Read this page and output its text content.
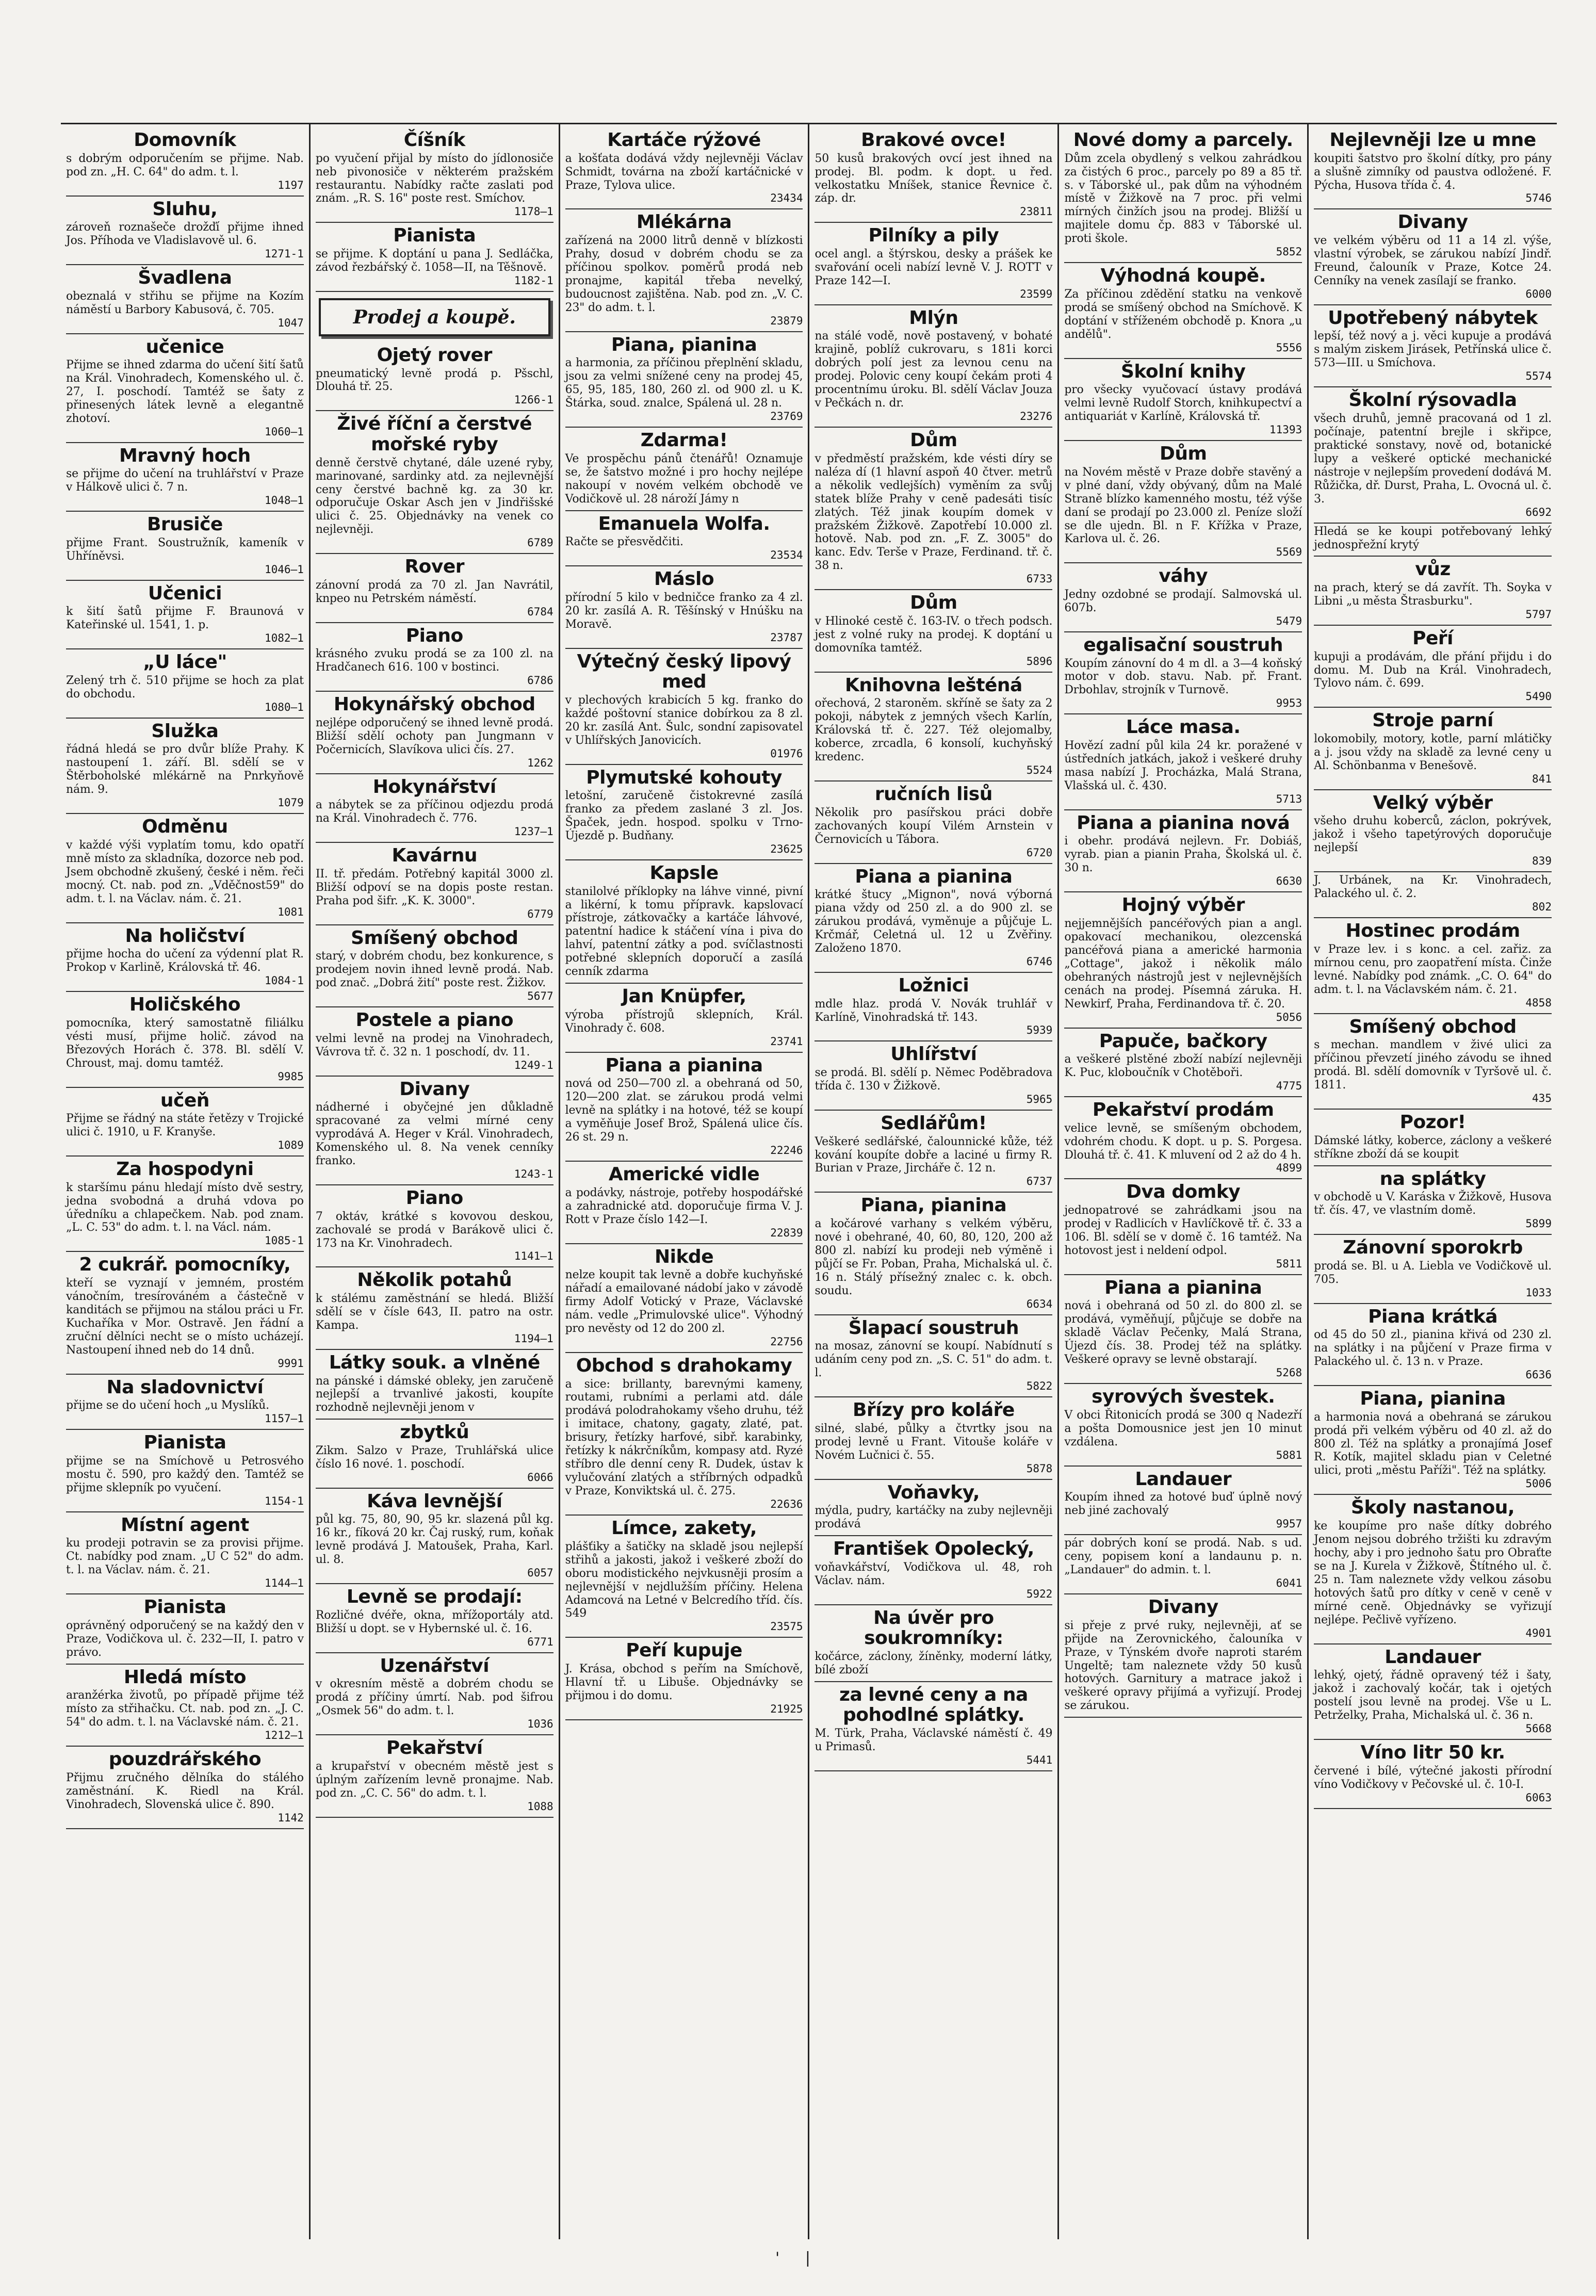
Domovník
s dobrým odporučením se přijme. Nab. pod zn. „H. C. 64" do adm. t. l.
1197
Sluhu,
zároveň roznašeče drožďí přijme ihned Jos. Příhoda ve Vladislavově ul. 6.
1271-1
Švadlena
obeznalá v střihu se přijme na Kozím náměstí u Barbory Kabusová, č. 705.
1047
učenice
Přijme se ihned zdarma do učení šití šatů na Král. Vinohradech, Komenského ul. č. 27, I. poschodí. Tamtéž se šaty z přinesených látek levně a elegantně zhotoví.
1060—1
Mravný hoch
se přijme do učení na truhlářství v Praze v Hálkově ulici č. 7 n.
1048—1
Brusiče
přijme Frant. Soustružník, kameník v Uhříněvsi.
1046—1
Učenici
k šití šatů přijme F. Braunová v Kateřinské ul. 1541, 1. p.
1082—1
„U láce"
Zelený trh č. 510 přijme se hoch za plat do obchodu.
1080—1
Služka
řádná hledá se pro dvůr blíže Prahy. K nastoupení 1. září. Bl. sdělí se v Štěrboholské mlékárně na Pnrkyňově nám. 9.
1079
Odměnu
v každé výši vyplatím tomu, kdo opatří mně místo za skladníka, dozorce neb pod. Jsem obchodně zkušený, české i něm. řeči mocný. Ct. nab. pod zn. „Vděčnost59" do adm. t. l. na Václav. nám. č. 21.
1081
Na holičství
přijme hocha do učení za výdenní plat R. Prokop v Karlině, Královská tř. 46.
1084-1
Holičského
pomocníka, který samostatně filiálku vésti musí, přijme holič. závod na Březových Horách č. 378. Bl. sdělí V. Chroust, maj. domu tamtéž.
9985
učeň
Přijme se řádný na státe řetězy v Trojické ulici č. 1910, u F. Kranyše.
1089
Za hospodyni
k staršímu pánu hledají místo dvě sestry, jedna svobodná a druhá vdova po úředníku a chlapečkem. Nab. pod znam. „L. C. 53" do adm. t. l. na Václ. nám.
1085-1
2 cukrář. pomocníky,
kteří se vyznají v jemném, prostém vánočním, tresírováném a částečně v kanditách se přijmou na stálou práci u Fr. Kuchaříka v Mor. Ostravě. Jen řádní a zruční dělníci necht se o místo ucházejí. Nastoupení ihned neb do 14 dnů.
9991
Na sladovnictví
přijme se do učení hoch „u Myslíků.
1157—1
Pianista
přijme se na Smíchově u Petrosvého mostu č. 590, pro každý den. Tamtéž se přijme sklepník po vyučení.
1154-1
Místní agent
ku prodeji potravin se za provisi přijme. Ct. nabídky pod znam. „U C 52" do adm. t. l. na Václav. nám. č. 21.
1144—1
Pianista
oprávněný odporučený se na každý den v Praze, Vodičkova ul. č. 232—II, I. patro v právo.
Hledá místo
aranžérka životů, po případě přijme též místo za střihačku. Ct. nab. pod zn. „J. C. 54" do adm. t. l. na Václavské nám. č. 21.
1212—1
pouzdrářského
Přijmu zručného dělníka do stálého zaměstnání. K. Riedl na Král. Vinohradech, Slovenská ulice č. 890.
1142
Číšník
po vyučení přijal by místo do jídlonosiče neb pivonosiče v některém pražském restaurantu. Nabídky račte zaslati pod znám. „R. S. 16" poste rest. Smíchov.
1178—1
Pianista
se přijme. K doptání u pana J. Sedláčka, závod řezbářský č. 1058—II, na Těšnově.
1182-1
Prodej a koupě.
Ojetý rover
pneumatický levně prodá p. Pšschl, Dlouhá tř. 25.
1266-1
Živé říční a čerstvé mořské ryby
denně čerstvě chytané, dále uzené ryby, marinované, sardinky atd. za nejlevnější ceny čerstvé bachně kg. za 30 kr. odporučuje Oskar Asch jen v Jindřišské ulici č. 25. Objednávky na venek co nejlevněji.
6789
Rover
zánovní prodá za 70 zl. Jan Navrátil, knpeo nu Petrském náměstí.
6784
Piano
krásného zvuku prodá se za 100 zl. na Hradčanech 616. 100 v bostinci.
6786
Hokynářský obchod
nejlépe odporučený se ihned levně prodá. Bližší sdělí ochoty pan Jungmann v Počernicích, Slavíkova ulici čís. 27.
1262
Hokynářství
a nábytek se za příčinou odjezdu prodá na Král. Vinohradech č. 776.
1237—1
Kavárnu
II. tř. předám. Potřebný kapitál 3000 zl. Bližší odpoví se na dopis poste restan. Praha pod šifr. „K. K. 3000".
6779
Smíšený obchod
starý, v dobrém chodu, bez konkurence, s prodejem novin ihned levně prodá. Nab. pod znač. „Dobrá žití" poste rest. Žižkov.
5677
Postele a piano
velmi levně na prodej na Vinohradech, Vávrova tř. č. 32 n. 1 poschodí, dv. 11.
1249-1
Divany
nádherné i obyčejné jen důkladně spracované za velmi mírné ceny vyprodává A. Heger v Král. Vinohradech, Komenského ul. 8. Na venek cenníky franko.
1243-1
Piano
7 oktáv, krátké s kovovou deskou, zachovalé se prodá v Barákově ulici č. 173 na Kr. Vinohradech.
1141—1
Několik potahů
k stálému zaměstnání se hledá. Bližší sdělí se v čísle 643, II. patro na ostr. Kampa.
1194—1
Látky souk. a vlněné
na pánské i dámské obleky, jen zaručeně nejlepší a trvanlivé jakosti, koupíte rozhodně nejlevněji jenom v
zbytků
Zikm. Salzo v Praze, Truhlářská ulice číslo 16 nové. 1. poschodí.
6066
Káva levnější
půl kg. 75, 80, 90, 95 kr. slazená půl kg. 16 kr., fíková 20 kr. Čaj ruský, rum, koňak levně prodává J. Matoušek, Praha, Karl. ul. 8.
6057
Levně se prodají:
Rozličné dvéře, okna, mřížoportály atd. Bližší u dopt. se v Hybernské ul. č. 16.
6771
Uzenářství
v okresním městě a dobrém chodu se prodá z příčiny úmrtí. Nab. pod šifrou „Osmek 56" do adm. t. l.
1036
Pekařství
a krupařství v obecném městě jest s úplným zařízením levně pronajme. Nab. pod zn. „C. C. 56" do adm. t. l.
1088
Kartáče rýžové
a košťata dodává vždy nejlevněji Václav Schmidt, továrna na zboží kartáčnické v Praze, Tylova ulice.
23434
Mlékárna
zařízená na 2000 litrů denně v blízkosti Prahy, dosud v dobrém chodu se za příčinou spolkov. poměrů prodá neb pronajme, kapitál třeba nevelký, budoucnost zajištěna. Nab. pod zn. „V. C. 23" do adm. t. l.
23879
Piana, pianina
a harmonia, za příčinou přeplnění skladu, jsou za velmi snížené ceny na prodej 45, 65, 95, 185, 180, 260 zl. od 900 zl. u K. Štárka, soud. znalce, Spálená ul. 28 n.
23769
Zdarma!
Ve prospěchu pánů čtenářů! Oznamuje se, že šatstvo možné i pro hochy nejlépe nakoupí v novém velkém obchodě ve Vodičkově ul. 28 nároží Jámy n
Emanuela Wolfa.
Račte se přesvědčiti.
23534
Máslo
přírodní 5 kilo v bedničce franko za 4 zl. 20 kr. zasílá A. R. Těšínský v Hnúšku na Moravě.
23787
Výtečný český lipový med
v plechových krabicích 5 kg. franko do každé poštovní stanice dobírkou za 8 zl. 20 kr. zasílá Ant. Šulc, sondní zapisovatel v Uhlířských Janovicích.
01976
Plymutské kohouty
letošní, zaručeně čistokrevné zasílá franko za předem zaslané 3 zl. Jos. Špaček, jedn. hospod. spolku v Trno-Újezdě p. Budňany.
23625
Kapsle
stanilolvé příklopky na láhve vinné, pivní a likérní, k tomu přípravk. kapslovací přístroje, zátkovačky a kartáče láhvové, patentní hadice k stáčení vína i piva do lahví, patentní zátky a pod. svíčlastnosti potřebné sklepních doporučí a zasílá cenník zdarma
Jan Knüpfer,
výroba přístrojů sklepních, Král. Vinohrady č. 608.
23741
Piana a pianina
nová od 250—700 zl. a obehraná od 50, 120—200 zlat. se zárukou prodá velmi levně na splátky i na hotové, též se koupí a vyměňuje Josef Brož, Spálená ulice čís. 26 st. 29 n.
22246
Americké vidle
a podávky, nástroje, potřeby hospodářské a zahradnické atd. doporučuje firma V. J. Rott v Praze číslo 142—I.
22839
Nikde
nelze koupit tak levně a dobře kuchyňské nářadí a emailované nádobí jako v závodě firmy Adolf Votický v Praze, Václavské nám. vedle „Primulovské ulice". Výhodný pro nevěsty od 12 do 200 zl.
22756
Obchod s drahokamy
a sice: brillanty, barevnými kameny, routami, rubními a perlami atd. dále prodává polodrahokamy všeho druhu, též i imitace, chatony, gagaty, zlaté, pat. brisury, řetízky harfové, sibř. karabinky, řetízky k nákrčníkům, kompasy atd. Ryzé stříbro dle denní ceny R. Dudek, ústav k vylučování zlatých a stříbrných odpadků v Praze, Konviktská ul. č. 275.
22636
Límce, zakety,
plášťiky a šatičky na skladě jsou nejlepší střihů a jakosti, jakož i veškeré zboží do oboru modistického nejvkusněji prosím a nejlevnější v nejdlužším příčiny. Helena Adamcová na Letné v Belcredího tříd. čís. 549
23575
Peří kupuje
J. Krása, obchod s peřím na Smíchově, Hlavní tř. u Libuše. Objednávky se přijmou i do domu.
21925
Brakové ovce!
50 kusů brakových ovcí jest ihned na prodej. Bl. podm. k dopt. u řed. velkostatku Mníšek, stanice Řevnice č. záp. dr.
23811
Pilníky a pily
ocel angl. a štýrskou, desky a prášek ke svařování oceli nabízí levně V. J. ROTT v Praze 142—I.
23599
Mlýn
na stálé vodě, nově postavený, v bohaté krajině, poblíž cukrovaru, s 181i korci dobrých polí jest za levnou cenu na prodej. Polovic ceny koupí čekám proti 4 procentnímu úroku. Bl. sdělí Václav Jouza v Pečkách n. dr.
23276
Dům
v předměstí pražském, kde vésti díry se naléza dí (1 hlavní aspoň 40 čtver. metrů a několik vedlejších) vyměním za svůj statek blíže Prahy v ceně padesáti tisíc zlatých. Též jinak koupím domek v pražském Žižkově. Zapotřebí 10.000 zl. hotově. Nab. pod zn. „F. Z. 3005" do kanc. Edv. Terše v Praze, Ferdinand. tř. č. 38 n.
6733
Dům
v Hlinoké cestě č. 163-IV. o třech podsch. jest z volné ruky na prodej. K doptání u domovníka tamtéž.
5896
Knihovna lešténá
ořechová, 2 staroněm. skříně se šaty za 2 pokoji, nábytek z jemných všech Karlín, Královská tř. č. 227. Též olejomalby, koberce, zrcadla, 6 konsolí, kuchyňský kredenc.
5524
ručních lisů
Několik pro pasířskou práci dobře zachovaných koupí Vilém Arnstein v Černovicích u Tábora.
6720
Piana a pianina
krátké štucy „Mignon", nová výborná piana vždy od 250 zl. a do 900 zl. se zárukou prodává, vyměnuje a půjčuje L. Krčmář, Celetná ul. 12 u Zvěřiny. Založeno 1870.
6746
Ložnici
mdle hlaz. prodá V. Novák truhlář v Karlíně, Vinohradská tř. 143.
5939
Uhlířství
se prodá. Bl. sdělí p. Němec Poděbradova třída č. 130 v Žižkově.
5965
Sedlářům!
Veškeré sedlářské, čalounnické kůže, též kování koupíte dobře a laciné u firmy R. Burian v Praze, Jircháře č. 12 n.
6737
Piana, pianina
a kočárové varhany s velkém výběru, nové i obehrané, 40, 60, 80, 120, 200 až 800 zl. nabízí ku prodeji neb výměně i půjčí se Fr. Poban, Praha, Michalská ul. č. 16 n. Stálý přísežný znalec c. k. obch. soudu.
6634
Šlapací soustruh
na mosaz, zánovní se koupí. Nabídnutí s udáním ceny pod zn. „S. C. 51" do adm. t. l.
5822
Břízy pro koláře
silné, slabé, půlky a čtvrtky jsou na prodej levně u Frant. Vitouše koláře v Novém Lučnici č. 55.
5878
Voňavky,
mýdla, pudry, kartáčky na zuby nejlevněji prodává
František Opolecký,
voňavkářství, Vodičkova ul. 48, roh Václav. nám.
5922
Na úvěr pro soukromníky:
kočárce, záclony, žíněnky, moderní látky, bílé zboží
za levné ceny a na pohodlné splátky.
M. Türk, Praha, Václavské náměstí č. 49 u Primasů.
5441
Nové domy a parcely.
Dům zcela obydlený s velkou zahrádkou za čistých 6 proc., parcely po 89 a 85 tř. s. v Táborské ul., pak dům na výhodném místě v Žižkově na 7 proc. při velmi mírných činžích jsou na prodej. Bližší u majitele domu čp. 883 v Táborské ul. proti škole.
5852
Výhodná koupě.
Za příčinou zdědění statku na venkově prodá se smíšený obchod na Smíchově. K doptání v stříženém obchodě p. Knora „u andělů".
5556
Školní knihy
pro všecky vyučovací ústavy prodává velmi levně Rudolf Storch, knihkupectví a antiquariát v Karlíně, Královská tř.
11393
Dům
na Novém městě v Praze dobře stavěný a v plné daní, vždy obývaný, dům na Malé Straně blízko kamenného mostu, též výše daní se prodají po 23.000 zl. Peníze složí se dle ujedn. Bl. n F. Křížka v Praze, Karlova ul. č. 26.
5569
váhy
Jedny ozdobné se prodají. Salmovská ul. 607b.
5479
egalisační soustruh
Koupím zánovní do 4 m dl. a 3—4 koňský motor v dob. stavu. Nab. př. Frant. Drbohlav, strojník v Turnově.
9953
Láce masa.
Hovězí zadní půl kila 24 kr. poražené v ústředních jatkách, jakož i veškeré druhy masa nabízí J. Procházka, Malá Strana, Vlašská ul. č. 430.
5713
Piana a pianina nová
i obehr. prodává nejlevn. Fr. Dobiáš, vyrab. pian a pianin Praha, Školská ul. č. 30 n.
6630
Hojný výběr
nejjemnějších pancéřových pian a angl. opakovací mechanikou, olezcenská pancéřová piana a americké harmonia „Cottage", jakož i několik málo obehraných nástrojů jest v nejlevnějších cenách na prodej. Písemná záruka. H. Newkirf, Praha, Ferdinandova tř. č. 20.
5056
Papuče, bačkory
a veškeré plstěné zboží nabízí nejlevněji K. Puc, kloboučník v Chotěboři.
4775
Pekařství prodám
velice levně, se smíšeným obchodem, vdohrém chodu. K dopt. u p. S. Porgesa. Dlouhá tř. č. 41. K mluvení od 2 až do 4 h.
4899
Dva domky
jednopatrové se zahrádkami jsou na prodej v Radlicích v Havlíčkově tř. č. 33 a 106. Bl. sdělí se v domě č. 16 tamtéž. Na hotovost jest i neldení odpol.
5811
Piana a pianina
nová i obehraná od 50 zl. do 800 zl. se prodává, vyměňují, půjčuje se dobře na skladě Václav Pečenky, Malá Strana, Újezd čís. 38. Prodej též na splátky. Veškeré opravy se levně obstarají.
5268
syrových švestek.
V obci Řitonicích prodá se 300 q Nadezří a pošta Domousnice jest jen 10 minut vzdálena.
5881
Landauer
Koupím ihned za hotové buď úplně nový neb jiné zachovalý
9957
pár dobrých koní se prodá. Nab. s ud. ceny, popisem koní a landaunu p. n. „Landauer" do admin. t. l.
6041
Divany
si přeje z prvé ruky, nejlevněji, ať se přijde na Zerovnického, čalouníka v Praze, v Týnském dvoře naproti starém Ungeltě; tam naleznete vždy 50 kusů hotových. Garnitury a matrace jakož i veškeré opravy přijímá a vyřizují. Prodej se zárukou.
Nejlevněji lze u mne
koupiti šatstvo pro školní dítky, pro pány a slušně zimníky od paustva odložené. F. Pýcha, Husova třída č. 4.
5746
Divany
ve velkém výběru od 11 a 14 zl. výše, vlastní výrobek, se zárukou nabízí Jindř. Freund, čalouník v Praze, Kotce 24. Cenníky na venek zasílají se franko.
6000
Upotřebený nábytek
lepší, též nový a j. věci kupuje a prodává s malým ziskem Jirásek, Petřínská ulice č. 573—III. u Smíchova.
5574
Školní rýsovadla
všech druhů, jemně pracovaná od 1 zl. počínaje, patentní brejle i skřipce, praktické sonstavy, nově od, botanické lupy a veškeré optické mechanické nástroje v nejlepším provedení dodává M. Růžička, dř. Durst, Praha, L. Ovocná ul. č. 3.
6692
Hledá se ke koupi potřebovaný lehký jednospřežní krytý
vůz
na prach, který se dá zavřít. Th. Soyka v Libni „u města Štrasburku".
5797
Peří
kupuji a prodávám, dle přání přijdu i do domu. M. Dub na Král. Vinohradech, Tylovo nám. č. 699.
5490
Stroje parní
lokomobily, motory, kotle, parní mlátičky a j. jsou vždy na skladě za levné ceny u Al. Schönbanma v Benešově.
841
Velký výběr
všeho druhu koberců, záclon, pokrývek, jakož i všeho tapetýrových doporučuje nejlepší
839
J. Urbánek, na Kr. Vinohradech, Palackého ul. č. 2.
802
Hostinec prodám
v Praze lev. i s konc. a cel. zařiz. za mírnou cenu, pro zaopatření místa. Činže levné. Nabídky pod známk. „C. O. 64" do adm. t. l. na Václavském nám. č. 21.
4858
Smíšený obchod
s mechan. mandlem v živé ulici za příčinou převzetí jiného závodu se ihned prodá. Bl. sdělí domovník v Tyršově ul. č. 1811.
435
Pozor!
Dámské látky, koberce, záclony a veškeré stříkne zboží dá se koupit
na splátky
v obchodě u V. Karáska v Žižkově, Husova tř. čís. 47, ve vlastním domě.
5899
Zánovní sporokrb
prodá se. Bl. u A. Liebla ve Vodičkově ul. 705.
1033
Piana krátká
od 45 do 50 zl., pianina křivá od 230 zl. na splátky i na půjčení v Praze firma v Palackého ul. č. 13 n. v Praze.
6636
Piana, pianina
a harmonia nová a obehraná se zárukou prodá při velkém výběru od 40 zl. až do 800 zl. Též na splátky a pronajímá Josef R. Kotík, majitel skladu pian v Celetné ulici, proti „městu Paříži". Též na splátky.
5006
Školy nastanou,
ke koupíme pro naše dítky dobrého Jenom nejsou dobrého tržišti ku zdravým hochy, aby i pro jednoho šatu pro Obraťte se na J. Kurela v Žižkově, Štítného ul. č. 25 n. Tam naleznete vždy velkou zásobu hotových šatů pro dítky v ceně v ceně v mírné ceně. Objednávky se vyřizují nejlépe. Pečlivě vyřízeno.
4901
Landauer
lehký, ojetý, řádně opravený též i šaty, jakož i zachovalý kočár, tak i ojetých postelí jsou levně na prodej. Vše u L. Petrželky, Praha, Michalská ul. č. 36 n.
5668
Víno litr 50 kr.
červené i bílé, výtečné jakosti přírodní víno Vodičkovy v Pečovské ul. č. 10-I.
6063
' |
